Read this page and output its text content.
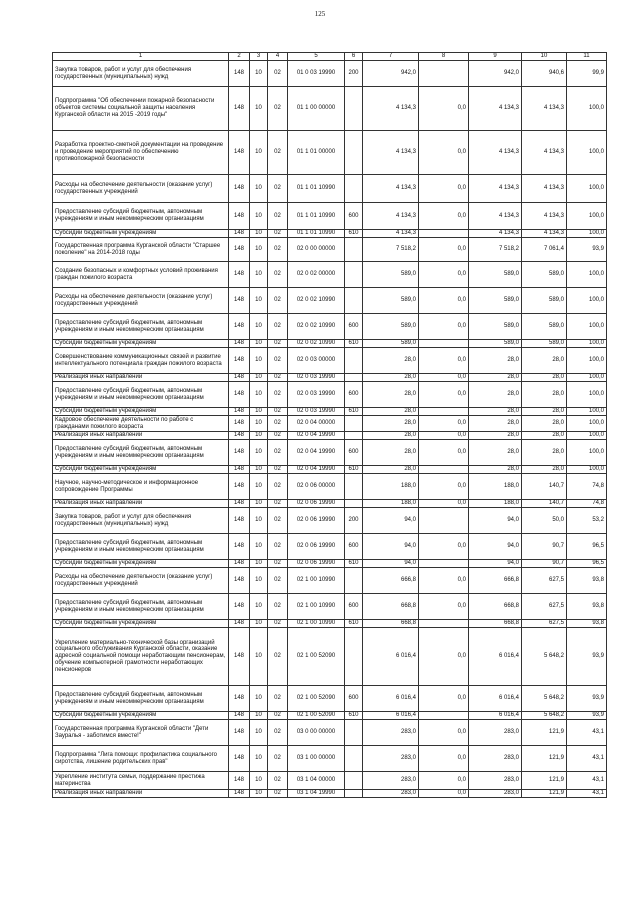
125
1	2	3	4	5	6	7	8	9	10	11
Закупка товаров, работ и услуг для обеспечения государственных (муниципальных) нужд	148	10	02	01 0 03 19990	200	942,0		942,0	940,6	99,9
Подпрограмма "Об обеспечении пожарной безопасности объектов системы социальной защиты населения Курганской области на 2015 -2019 годы"	148	10	02	01 1 00 00000		4 134,3	0,0	4 134,3	4 134,3	100,0
Разработка проектно-сметной документации на проведение и проведение мероприятий по обеспечению противопожарной безопасности	148	10	02	01 1 01 00000		4 134,3	0,0	4 134,3	4 134,3	100,0
Расходы на обеспечение деятельности (оказание услуг) государственных учреждений	148	10	02	01 1 01 10990		4 134,3	0,0	4 134,3	4 134,3	100,0
Предоставление субсидий бюджетным, автономным учреждениям и иным некоммерческим организациям	148	10	02	01 1 01 10990	600	4 134,3	0,0	4 134,3	4 134,3	100,0
Субсидии бюджетным учреждениям	148	10	02	01 1 01 10990	610	4 134,3		4 134,3	4 134,3	100,0
Государственная программа Курганской области "Старшее поколение" на 2014-2018 годы	148	10	02	02 0 00 00000		7 518,2	0,0	7 518,2	7 061,4	93,9
Создание безопасных и комфортных условий проживания граждан пожилого возраста	148	10	02	02 0 02 00000		589,0	0,0	589,0	589,0	100,0
Расходы на обеспечение деятельности (оказание услуг) государственных учреждений	148	10	02	02 0 02 10990		589,0	0,0	589,0	589,0	100,0
Предоставление субсидий бюджетным, автономным учреждениям и иным некоммерческим организациям	148	10	02	02 0 02 10990	600	589,0	0,0	589,0	589,0	100,0
Субсидии бюджетным учреждениям	148	10	02	02 0 02 10990	610	589,0		589,0	589,0	100,0
Совершенствование коммуникационных связей и развитие интеллектуального потенциала граждан пожилого возраста	148	10	02	02 0 03 00000		28,0	0,0	28,0	28,0	100,0
Реализация иных направлений	148	10	02	02 0 03 19990		28,0	0,0	28,0	28,0	100,0
Предоставление субсидий бюджетным, автономным учреждениям и иным некоммерческим организациям	148	10	02	02 0 03 19990	600	28,0	0,0	28,0	28,0	100,0
Субсидии бюджетным учреждениям	148	10	02	02 0 03 19990	610	28,0		28,0	28,0	100,0
Кадровое обеспечение деятельности по работе с гражданами пожилого возраста	148	10	02	02 0 04 00000		28,0	0,0	28,0	28,0	100,0
Реализация иных направлений	148	10	02	02 0 04 19990		28,0	0,0	28,0	28,0	100,0
Предоставление субсидий бюджетным, автономным учреждениям и иным некоммерческим организациям	148	10	02	02 0 04 19990	600	28,0	0,0	28,0	28,0	100,0
Субсидии бюджетным учреждениям	148	10	02	02 0 04 19990	610	28,0		28,0	28,0	100,0
Научное, научно-методическое и информационное сопровождение Программы	148	10	02	02 0 06 00000		188,0	0,0	188,0	140,7	74,8
Реализация иных направлений	148	10	02	02 0 06 19990		188,0	0,0	188,0	140,7	74,8
Закупка товаров, работ и услуг для обеспечения государственных (муниципальных) нужд	148	10	02	02 0 06 19990	200	94,0		94,0	50,0	53,2
Предоставление субсидий бюджетным, автономным учреждениям и иным некоммерческим организациям	148	10	02	02 0 06 19990	600	94,0	0,0	94,0	90,7	96,5
Субсидии бюджетным учреждениям	148	10	02	02 0 06 19990	610	94,0		94,0	90,7	96,5
Расходы на обеспечение деятельности (оказание услуг) государственных учреждений	148	10	02	02 1 00 10990		666,8	0,0	666,8	627,5	93,8
Предоставление субсидий бюджетным, автономным учреждениям и иным некоммерческим организациям	148	10	02	02 1 00 10990	600	668,8	0,0	668,8	627,5	93,8
Субсидии бюджетным учреждениям	148	10	02	02 1 00 10990	610	668,8		668,8	627,5	93,8
Укрепление материально-технической базы организаций социального обслуживания Курганской области, оказание адресной социальной помощи неработающим пенсионерам, обучение компьютерной грамотности неработающих пенсионеров	148	10	02	02 1 00 52090		6 016,4	0,0	6 016,4	5 648,2	93,9
Предоставление субсидий бюджетным, автономным учреждениям и иным некоммерческим организациям	148	10	02	02 1 00 52090	600	6 016,4	0,0	6 016,4	5 648,2	93,9
Субсидии бюджетным учреждениям	148	10	02	02 1 00 52090	610	6 016,4		6 016,4	5 648,2	93,9
Государственная программа Курганской области "Дети Зауралья - заботимся вместе!"	148	10	02	03 0 00 00000		283,0	0,0	283,0	121,9	43,1
Подпрограмма "Лига помощи: профилактика социального сиротства, лишение родительских прав"	148	10	02	03 1 00 00000		283,0	0,0	283,0	121,9	43,1
Укрепление института семьи, поддержание престижа материнства	148	10	02	03 1 04 00000		283,0	0,0	283,0	121,9	43,1
Реализация иных направлений	148	10	02	03 1 04 19990		283,0	0,0	283,0	121,9	43,1
